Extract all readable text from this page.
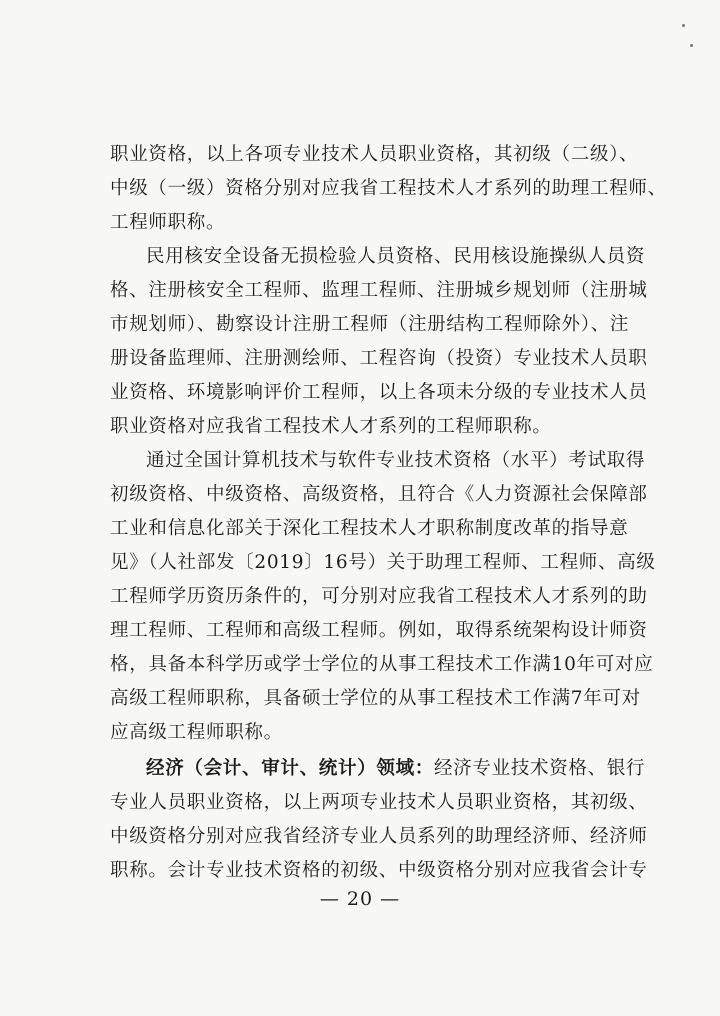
职业资格，以上各项专业技术人员职业资格，其初级（二级）、
中级（一级）资格分别对应我省工程技术人才系列的助理工程师、
工程师职称。
民用核安全设备无损检验人员资格、民用核设施操纵人员资
格、注册核安全工程师、监理工程师、注册城乡规划师（注册城
市规划师）、勘察设计注册工程师（注册结构工程师除外）、注
册设备监理师、注册测绘师、工程咨询（投资）专业技术人员职
业资格、环境影响评价工程师，以上各项未分级的专业技术人员
职业资格对应我省工程技术人才系列的工程师职称。
通过全国计算机技术与软件专业技术资格（水平）考试取得
初级资格、中级资格、高级资格，且符合《人力资源社会保障部
工业和信息化部关于深化工程技术人才职称制度改革的指导意
见》（人社部发〔2019〕16号）关于助理工程师、工程师、高级
工程师学历资历条件的，可分别对应我省工程技术人才系列的助
理工程师、工程师和高级工程师。例如，取得系统架构设计师资
格，具备本科学历或学士学位的从事工程技术工作满10年可对应
高级工程师职称，具备硕士学位的从事工程技术工作满7年可对
应高级工程师职称。
经济（会计、审计、统计）领域：经济专业技术资格、银行
专业人员职业资格，以上两项专业技术人员职业资格，其初级、
中级资格分别对应我省经济专业人员系列的助理经济师、经济师
职称。会计专业技术资格的初级、中级资格分别对应我省会计专
— 20 —
